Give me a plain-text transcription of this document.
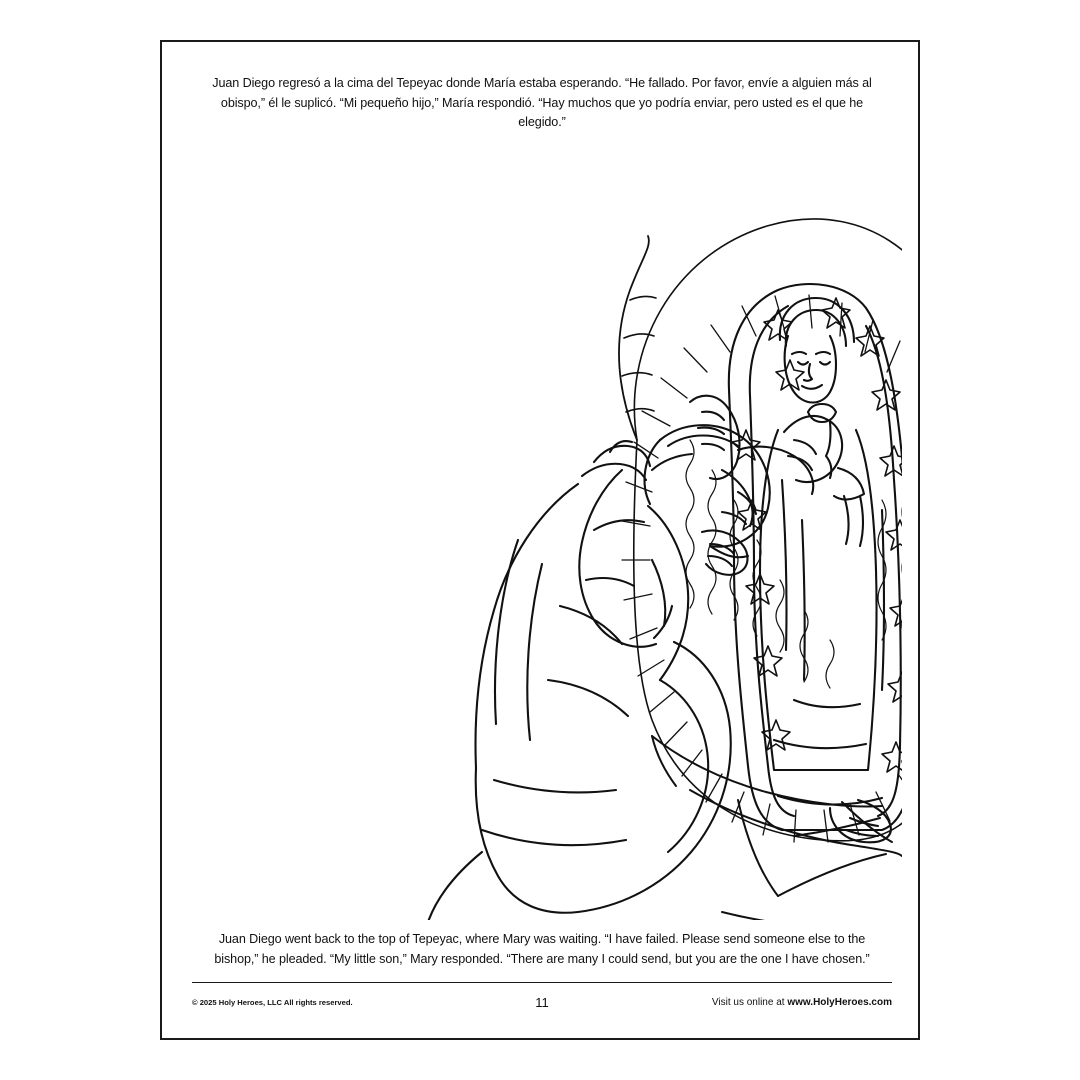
Juan Diego regresó a la cima del Tepeyac donde María estaba esperando. “He fallado. Por favor, envíe a alguien más al obispo,” él le suplicó. “Mi pequeño hijo,” María respondió. “Hay muchos que yo podría enviar, pero usted es el que he elegido.”
Juan Diego went back to the top of Tepeyac, where Mary was waiting. “I have failed. Please send someone else to the bishop,” he pleaded. “My little son,” Mary responded. “There are many I could send, but you are the one I have chosen.”
© 2025 Holy Heroes, LLC All rights reserved.	11	Visit us online at www.HolyHeroes.com
